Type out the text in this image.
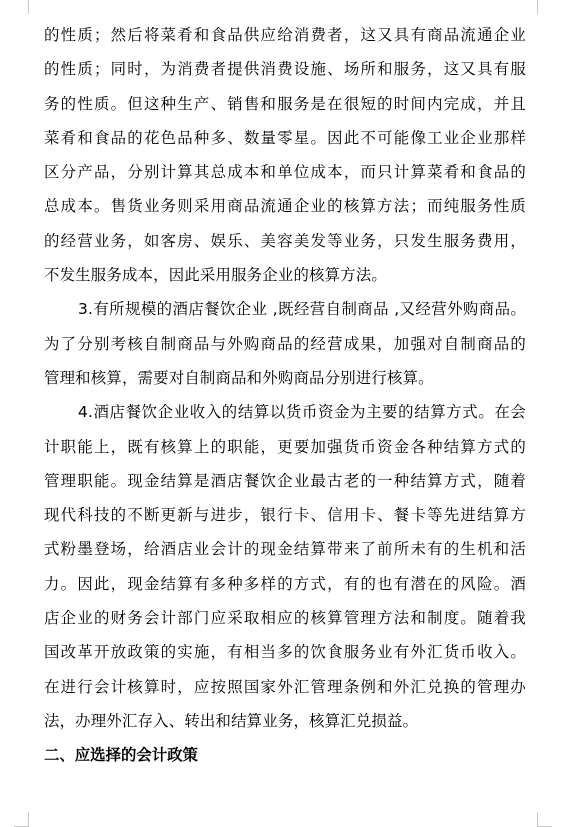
的性质；然后将菜肴和食品供应给消费者，这又具有商品流通企业
的性质；同时，为消费者提供消费设施、场所和服务，这又具有服
务的性质。但这种生产、销售和服务是在很短的时间内完成，并且
菜肴和食品的花色品种多、数量零星。因此不可能像工业企业那样
区分产品，分别计算其总成本和单位成本，而只计算菜肴和食品的
总成本。售货业务则采用商品流通企业的核算方法；而纯服务性质
的经营业务，如客房、娱乐、美容美发等业务，只发生服务费用，
不发生服务成本，因此采用服务企业的核算方法。
3.有所规模的酒店餐饮企业 ,既经营自制商品 ,又经营外购商品。
为了分别考核自制商品与外购商品的经营成果，加强对自制商品的
管理和核算，需要对自制商品和外购商品分别进行核算。
4.酒店餐饮企业收入的结算以货币资金为主要的结算方式。在会
计职能上，既有核算上的职能，更要加强货币资金各种结算方式的
管理职能。现金结算是酒店餐饮企业最古老的一种结算方式，随着
现代科技的不断更新与进步，银行卡、信用卡、餐卡等先进结算方
式粉墨登场，给酒店业会计的现金结算带来了前所未有的生机和活
力。因此，现金结算有多种多样的方式，有的也有潜在的风险。酒
店企业的财务会计部门应采取相应的核算管理方法和制度。随着我
国改革开放政策的实施，有相当多的饮食服务业有外汇货币收入。
在进行会计核算时，应按照国家外汇管理条例和外汇兑换的管理办
法，办理外汇存入、转出和结算业务，核算汇兑损益。
二、应选择的会计政策
